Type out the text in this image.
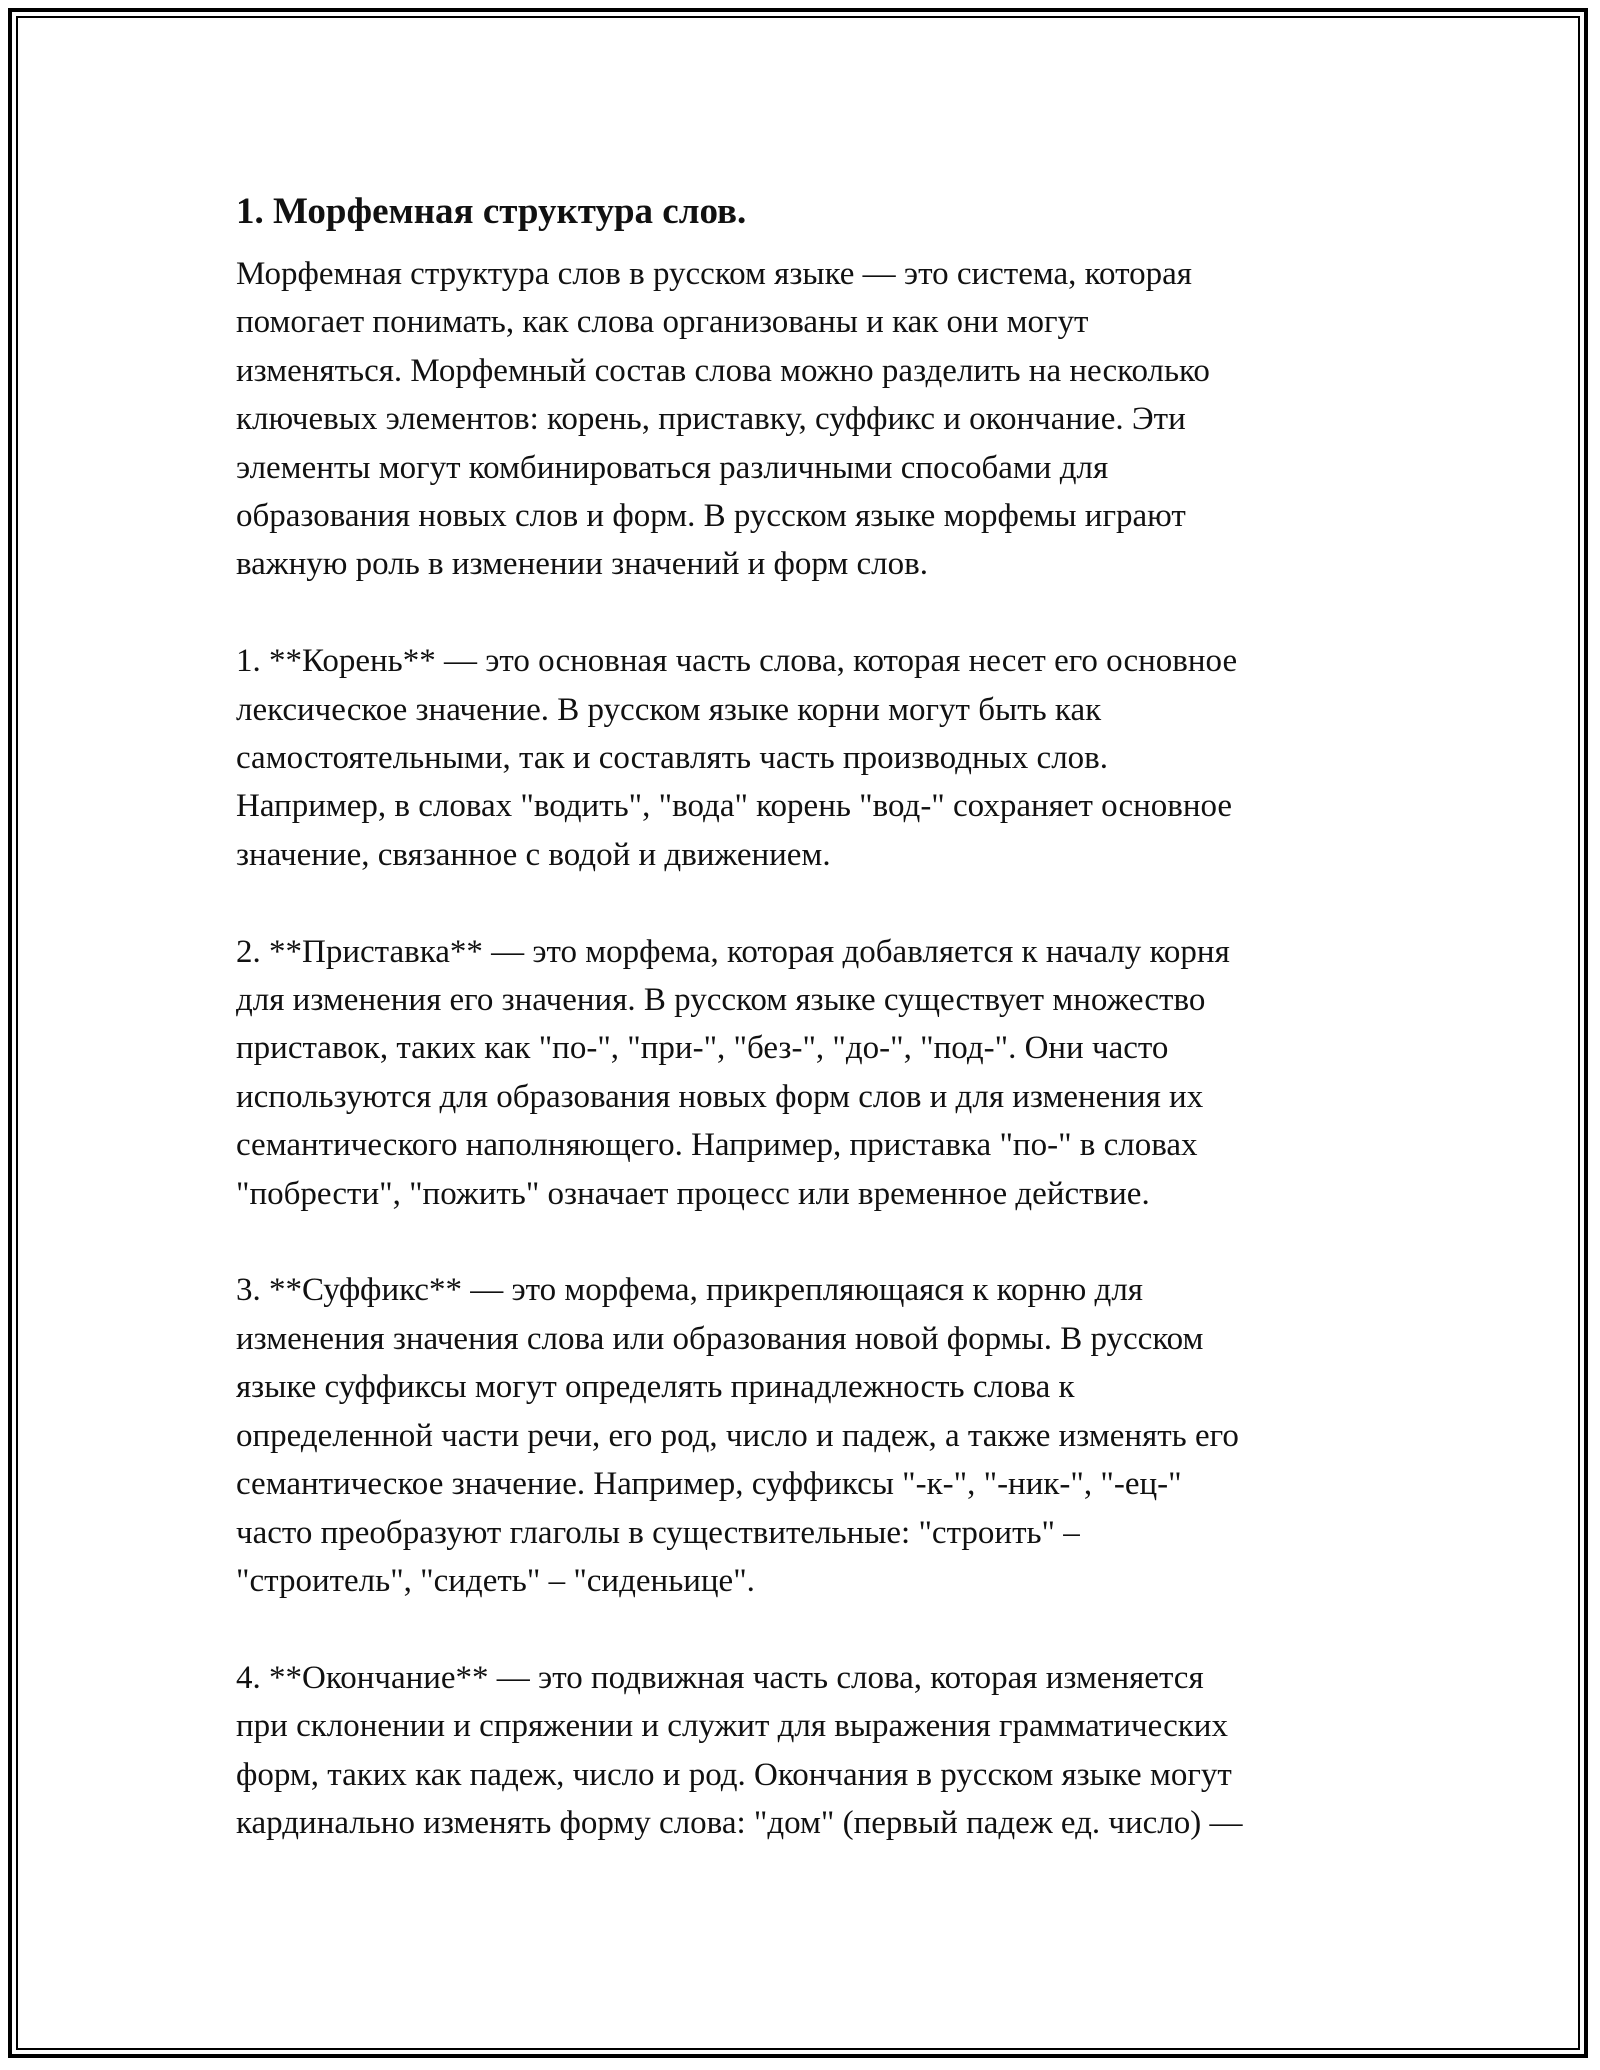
1. Морфемная структура слов.
Морфемная структура слов в русском языке — это система, которая
помогает понимать, как слова организованы и как они могут
изменяться. Морфемный состав слова можно разделить на несколько
ключевых элементов: корень, приставку, суффикс и окончание. Эти
элементы могут комбинироваться различными способами для
образования новых слов и форм. В русском языке морфемы играют
важную роль в изменении значений и форм слов.
1. **Корень** — это основная часть слова, которая несет его основное
лексическое значение. В русском языке корни могут быть как
самостоятельными, так и составлять часть производных слов.
Например, в словах "водить", "вода" корень "вод-" сохраняет основное
значение, связанное с водой и движением.
2. **Приставка** — это морфема, которая добавляется к началу корня
для изменения его значения. В русском языке существует множество
приставок, таких как "по-", "при-", "без-", "до-", "под-". Они часто
используются для образования новых форм слов и для изменения их
семантического наполняющего. Например, приставка "по-" в словах
"побрести", "пожить" означает процесс или временное действие.
3. **Суффикс** — это морфема, прикрепляющаяся к корню для
изменения значения слова или образования новой формы. В русском
языке суффиксы могут определять принадлежность слова к
определенной части речи, его род, число и падеж, а также изменять его
семантическое значение. Например, суффиксы "-к-", "-ник-", "-ец-"
часто преобразуют глаголы в существительные: "строить" –
"строитель", "сидеть" – "сиденьице".
4. **Окончание** — это подвижная часть слова, которая изменяется
при склонении и спряжении и служит для выражения грамматических
форм, таких как падеж, число и род. Окончания в русском языке могут
кардинально изменять форму слова: "дом" (первый падеж ед. число) —
